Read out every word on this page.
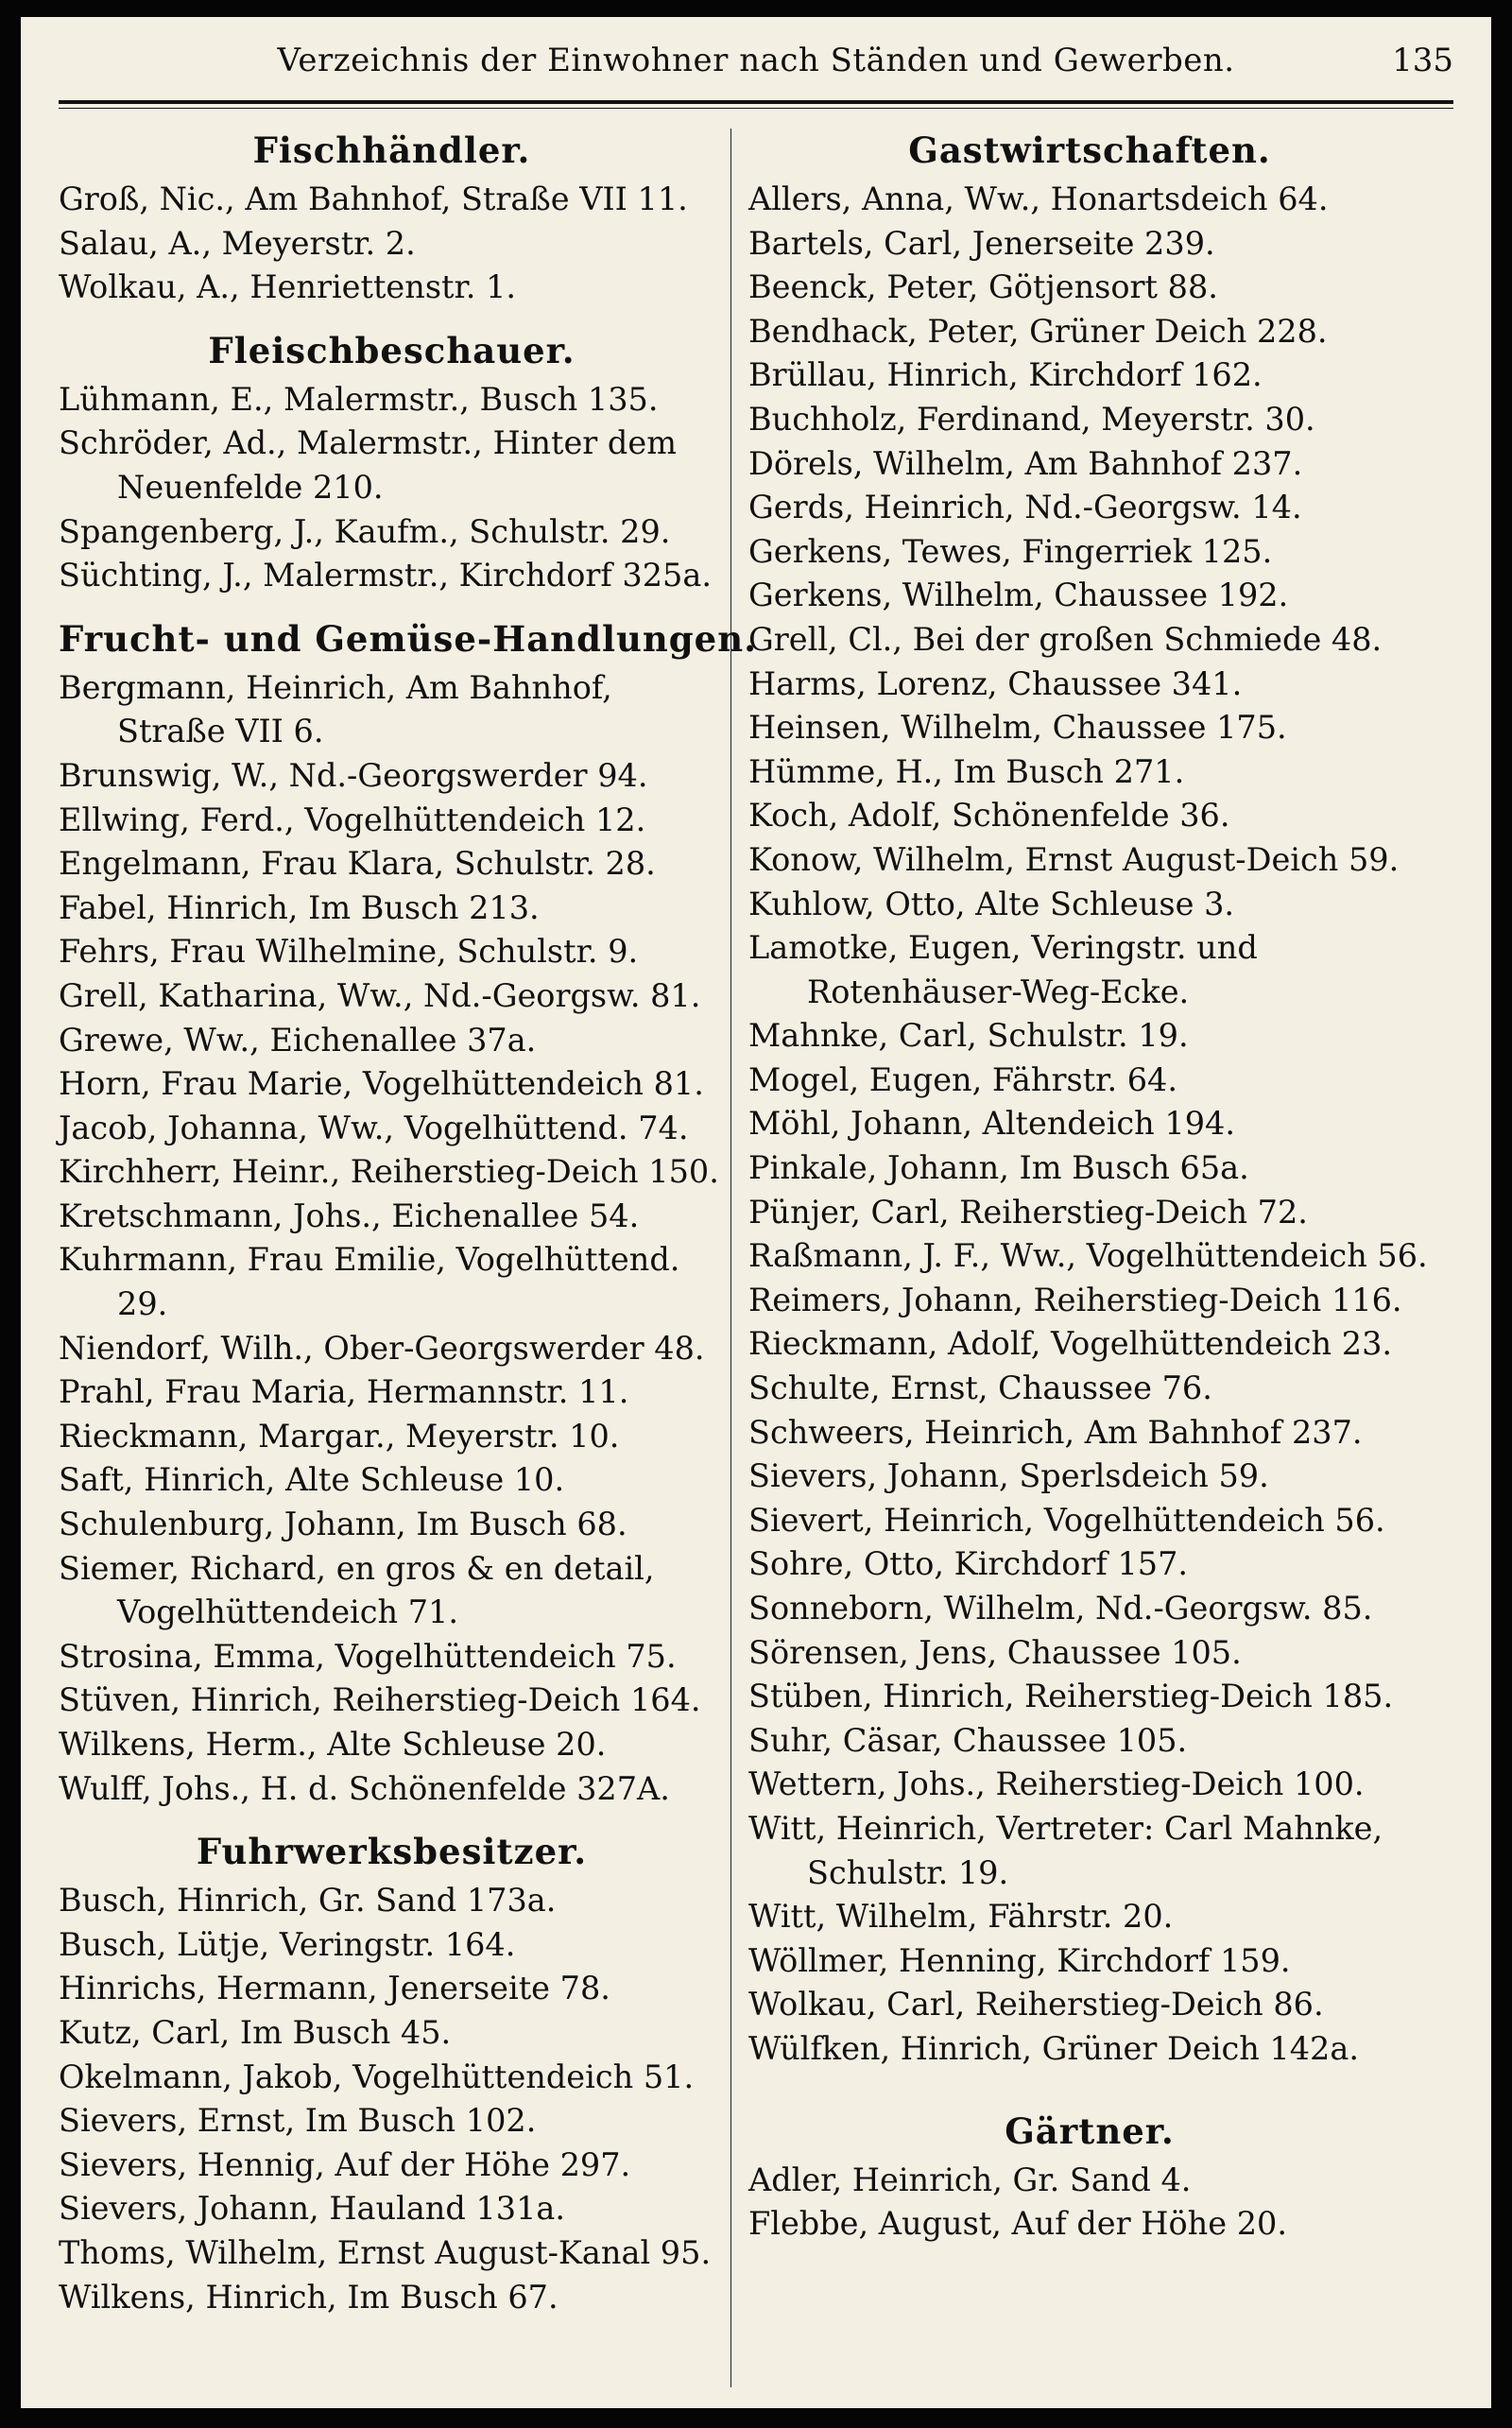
Verzeichnis der Einwohner nach Ständen und Gewerben.	135
Fischhändler.
Groß, Nic., Am Bahnhof, Straße VII 11.
Salau, A., Meyerstr. 2.
Wolkau, A., Henriettenstr. 1.
Fleischbeschauer.
Lühmann, E., Malermstr., Busch 135.
Schröder, Ad., Malermstr., Hinter dem Neuenfelde 210.
Spangenberg, J., Kaufm., Schulstr. 29.
Süchting, J., Malermstr., Kirchdorf 325a.
Frucht- und Gemüse-Handlungen.
Bergmann, Heinrich, Am Bahnhof, Straße VII 6.
Brunswig, W., Nd.-Georgswerder 94.
Ellwing, Ferd., Vogelhüttendeich 12.
Engelmann, Frau Klara, Schulstr. 28.
Fabel, Hinrich, Im Busch 213.
Fehrs, Frau Wilhelmine, Schulstr. 9.
Grell, Katharina, Ww., Nd.-Georgsw. 81.
Grewe, Ww., Eichenallee 37a.
Horn, Frau Marie, Vogelhüttendeich 81.
Jacob, Johanna, Ww., Vogelhüttend. 74.
Kirchherr, Heinr., Reiherstieg-Deich 150.
Kretschmann, Johs., Eichenallee 54.
Kuhrmann, Frau Emilie, Vogelhüttend. 29.
Niendorf, Wilh., Ober-Georgswerder 48.
Prahl, Frau Maria, Hermannstr. 11.
Rieckmann, Margar., Meyerstr. 10.
Saft, Hinrich, Alte Schleuse 10.
Schulenburg, Johann, Im Busch 68.
Siemer, Richard, en gros & en detail, Vogelhüttendeich 71.
Strosina, Emma, Vogelhüttendeich 75.
Stüven, Hinrich, Reiherstieg-Deich 164.
Wilkens, Herm., Alte Schleuse 20.
Wulff, Johs., H. d. Schönenfelde 327A.
Fuhrwerksbesitzer.
Busch, Hinrich, Gr. Sand 173a.
Busch, Lütje, Veringstr. 164.
Hinrichs, Hermann, Jenerseite 78.
Kutz, Carl, Im Busch 45.
Okelmann, Jakob, Vogelhüttendeich 51.
Sievers, Ernst, Im Busch 102.
Sievers, Hennig, Auf der Höhe 297.
Sievers, Johann, Hauland 131a.
Thoms, Wilhelm, Ernst August-Kanal 95.
Wilkens, Hinrich, Im Busch 67.
Gastwirtschaften.
Allers, Anna, Ww., Honartsdeich 64.
Bartels, Carl, Jenerseite 239.
Beenck, Peter, Götjensort 88.
Bendhack, Peter, Grüner Deich 228.
Brüllau, Hinrich, Kirchdorf 162.
Buchholz, Ferdinand, Meyerstr. 30.
Dörels, Wilhelm, Am Bahnhof 237.
Gerds, Heinrich, Nd.-Georgsw. 14.
Gerkens, Tewes, Fingerriek 125.
Gerkens, Wilhelm, Chaussee 192.
Grell, Cl., Bei der großen Schmiede 48.
Harms, Lorenz, Chaussee 341.
Heinsen, Wilhelm, Chaussee 175.
Hümme, H., Im Busch 271.
Koch, Adolf, Schönenfelde 36.
Konow, Wilhelm, Ernst August-Deich 59.
Kuhlow, Otto, Alte Schleuse 3.
Lamotke, Eugen, Veringstr. und Rotenhäuser-Weg-Ecke.
Mahnke, Carl, Schulstr. 19.
Mogel, Eugen, Fährstr. 64.
Möhl, Johann, Altendeich 194.
Pinkale, Johann, Im Busch 65a.
Pünjer, Carl, Reiherstieg-Deich 72.
Raßmann, J. F., Ww., Vogelhüttendeich 56.
Reimers, Johann, Reiherstieg-Deich 116.
Rieckmann, Adolf, Vogelhüttendeich 23.
Schulte, Ernst, Chaussee 76.
Schweers, Heinrich, Am Bahnhof 237.
Sievers, Johann, Sperlsdeich 59.
Sievert, Heinrich, Vogelhüttendeich 56.
Sohre, Otto, Kirchdorf 157.
Sonneborn, Wilhelm, Nd.-Georgsw. 85.
Sörensen, Jens, Chaussee 105.
Stüben, Hinrich, Reiherstieg-Deich 185.
Suhr, Cäsar, Chaussee 105.
Wettern, Johs., Reiherstieg-Deich 100.
Witt, Heinrich, Vertreter: Carl Mahnke, Schulstr. 19.
Witt, Wilhelm, Fährstr. 20.
Wöllmer, Henning, Kirchdorf 159.
Wolkau, Carl, Reiherstieg-Deich 86.
Wülfken, Hinrich, Grüner Deich 142a.
Gärtner.
Adler, Heinrich, Gr. Sand 4.
Flebbe, August, Auf der Höhe 20.
